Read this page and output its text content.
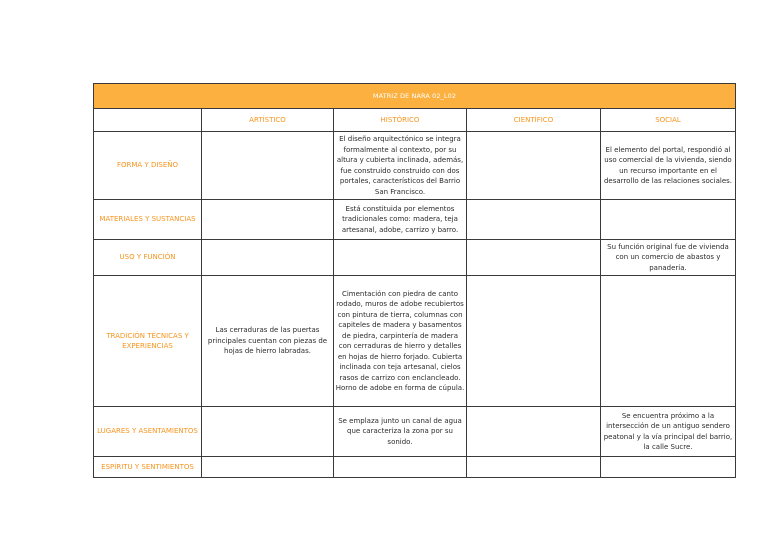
MATRIZ DE NARA 02_L02				
	ARTÍSTICO	HISTÓRICO	CIENTÍFICO	SOCIAL
FORMA Y DISEÑO		El diseño arquitectónico se integra formalmente al contexto, por su altura y cubierta inclinada, además, fue construido construido con dos portales, característicos del Barrio San Francisco.		El elemento del portal, respondió al uso comercial de la vivienda, siendo un recurso importante en el desarrollo de las relaciones sociales.
MATERIALES Y SUSTANCIAS		Está constituida por elementos tradicionales como: madera, teja artesanal, adobe, carrizo y barro.		
USO Y FUNCIÓN				Su función original fue de vivienda con un comercio de abastos y panadería.
TRADICIÓN TÉCNICAS Y EXPERIENCIAS	Las cerraduras de las puertas principales cuentan con piezas de hojas de hierro labradas.	Cimentación con piedra de canto rodado, muros de adobe recubiertos con pintura de tierra, columnas con capiteles de madera y basamentos de piedra, carpintería de madera con cerraduras de hierro y detalles en hojas de hierro forjado. Cubierta inclinada con teja artesanal, cielos rasos de carrizo con enclancleado. Horno de adobe en forma de cúpula.		
LUGARES Y ASENTAMIENTOS		Se emplaza junto un canal de agua que caracteriza la zona por su sonido.		Se encuentra próximo a la intersección de un antiguo sendero peatonal y la vía principal del barrio, la calle Sucre.
ESPÍRITU Y SENTIMIENTOS				
